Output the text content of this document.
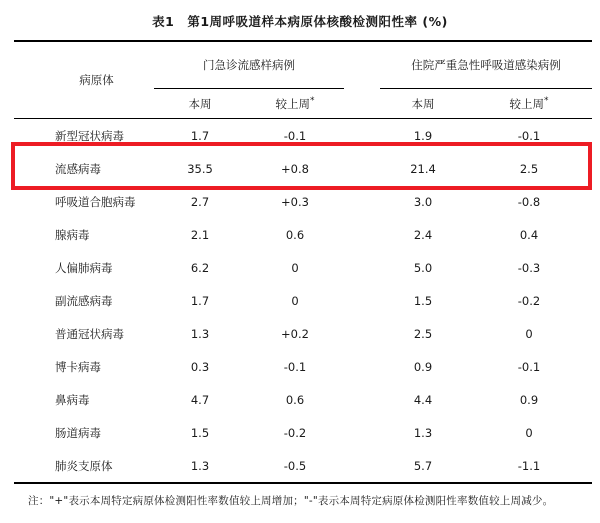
表1　第1周呼吸道样本病原体核酸检测阳性率 (%)
病原体	门急诊流感样病例			住院严重急性呼吸道感染病例	
	本周	较上周*		本周	较上周*
新型冠状病毒	1.7	-0.1		1.9	-0.1
流感病毒	35.5	+0.8		21.4	2.5
呼吸道合胞病毒	2.7	+0.3		3.0	-0.8
腺病毒	2.1	0.6		2.4	0.4
人偏肺病毒	6.2	0		5.0	-0.3
副流感病毒	1.7	0		1.5	-0.2
普通冠状病毒	1.3	+0.2		2.5	0
博卡病毒	0.3	-0.1		0.9	-0.1
鼻病毒	4.7	0.6		4.4	0.9
肠道病毒	1.5	-0.2		1.3	0
肺炎支原体	1.3	-0.5		5.7	-1.1
注："+"表示本周特定病原体检测阳性率数值较上周增加；"-"表示本周特定病原体检测阳性率数值较上周减少。
